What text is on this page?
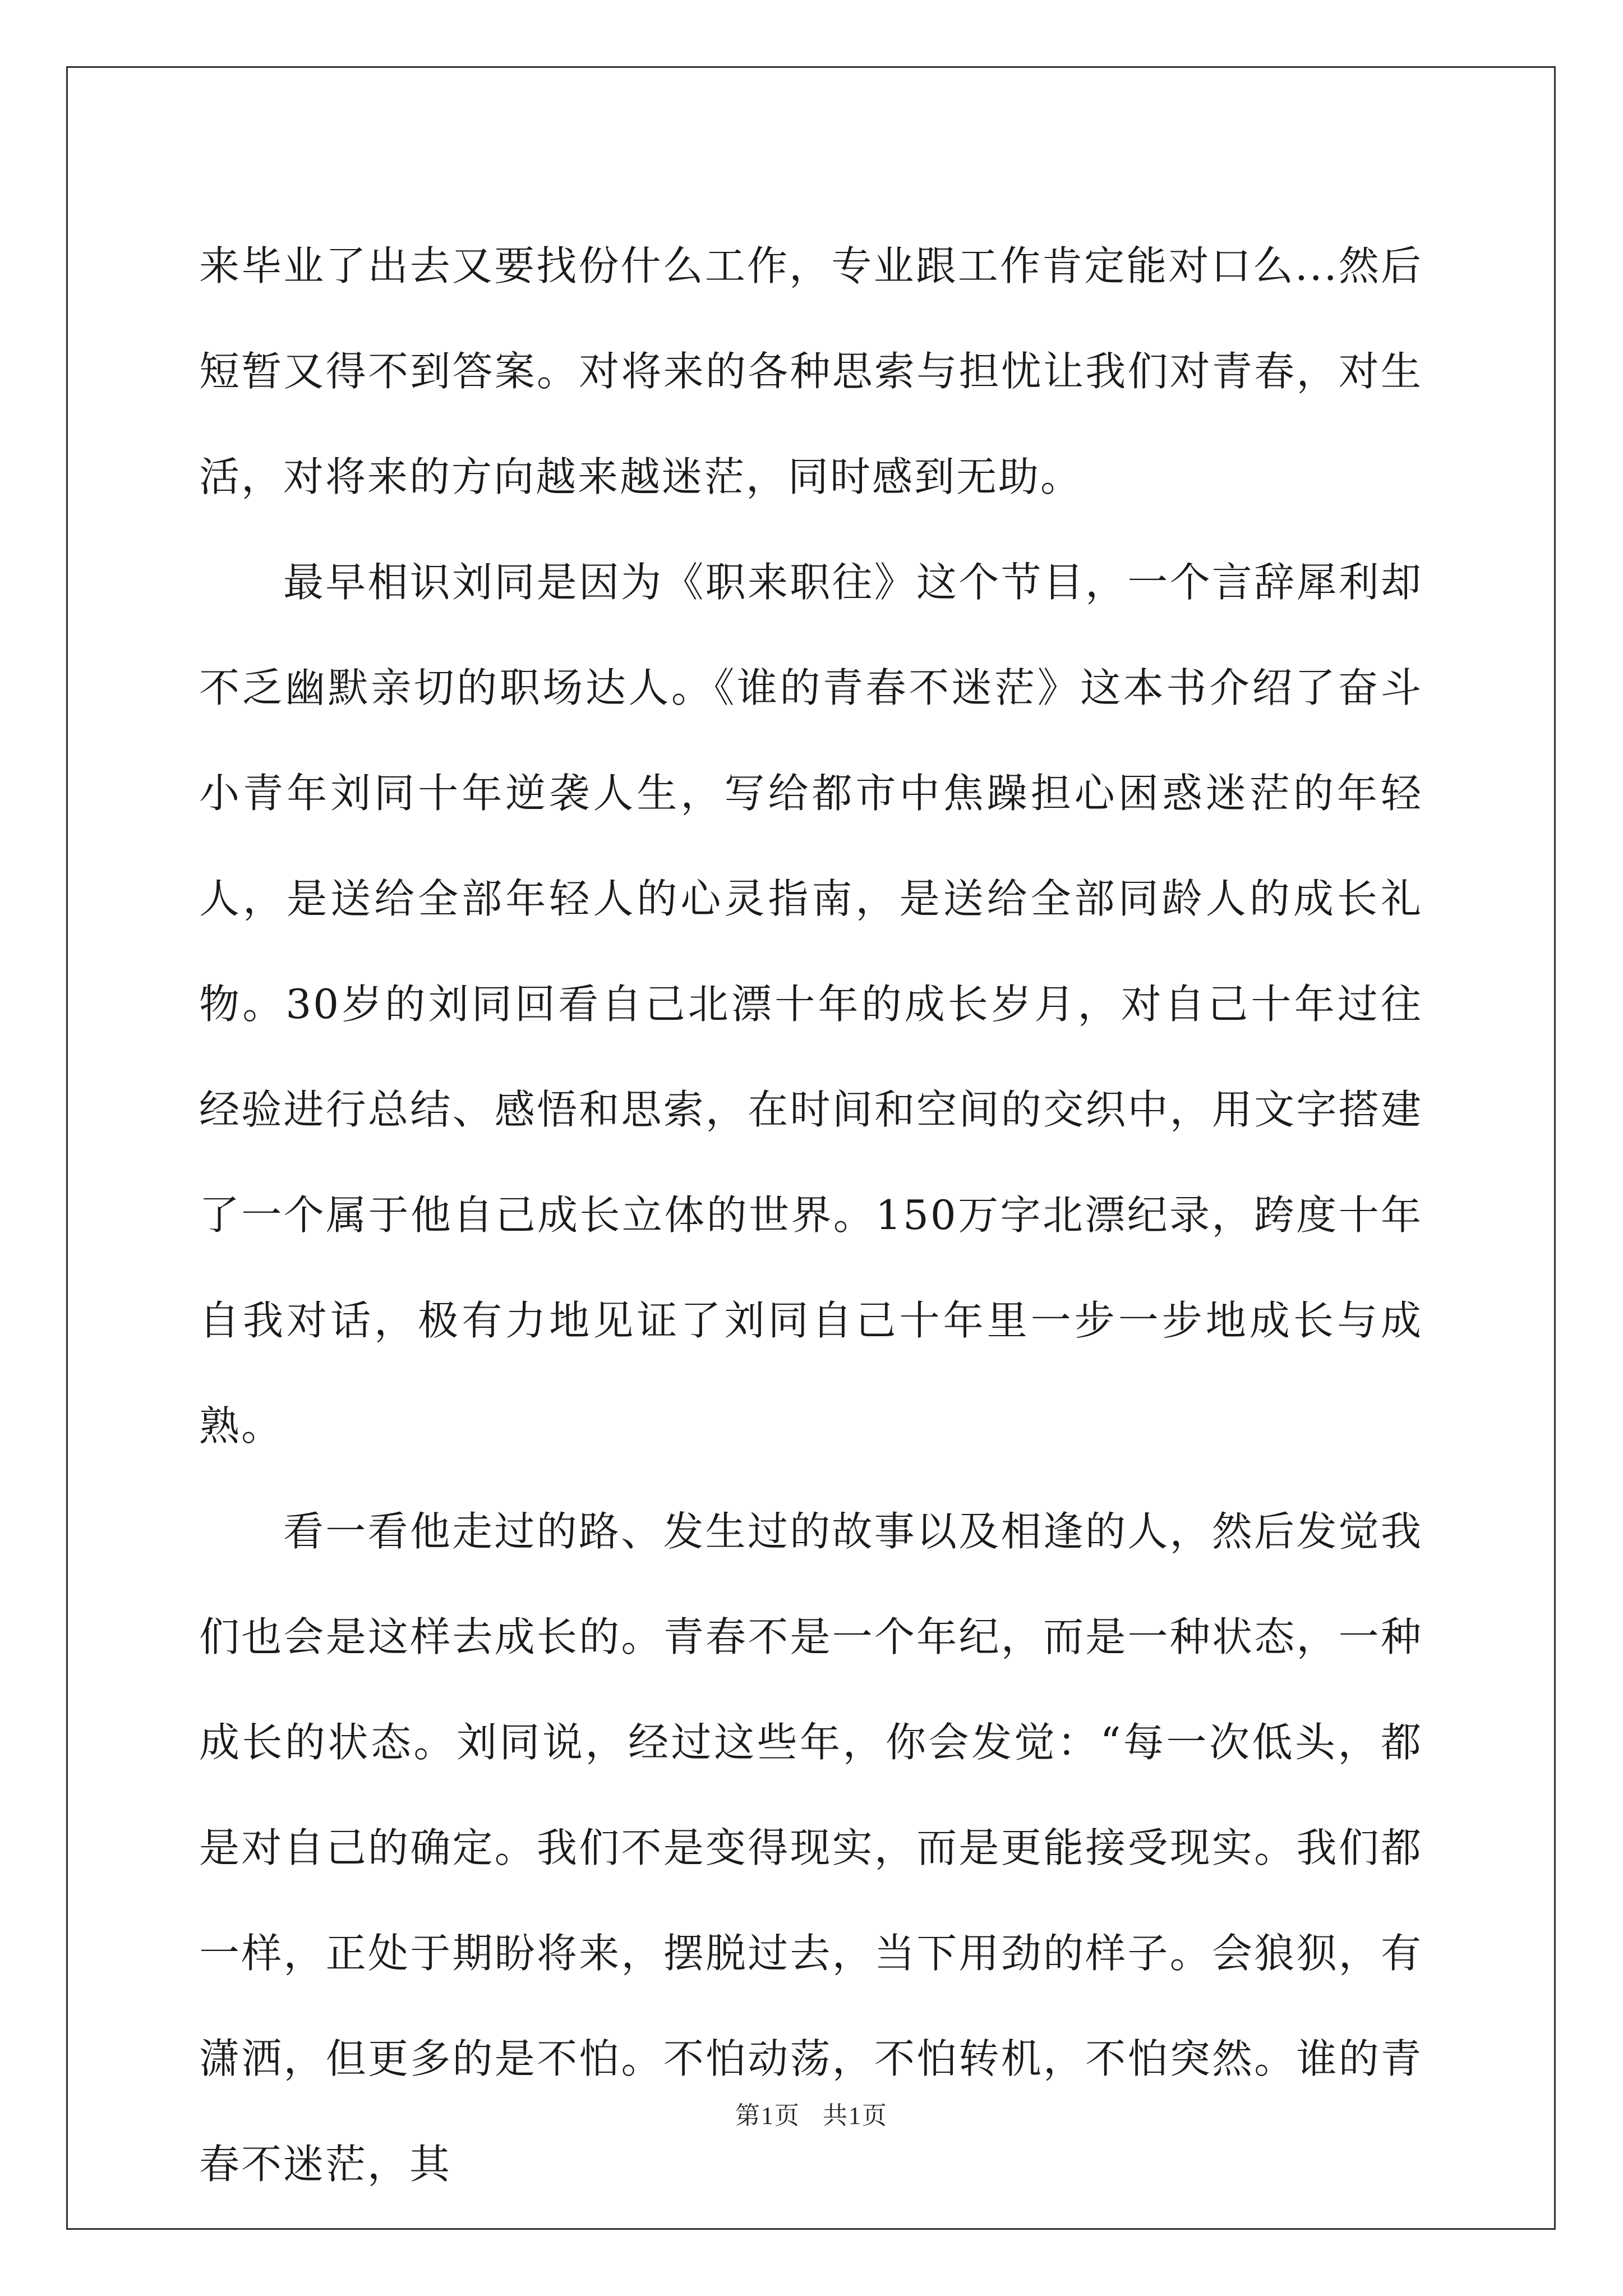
来毕业了出去又要找份什么工作，专业跟工作肯定能对口么...然后短暂又得不到答案。对将来的各种思索与担忧让我们对青春，对生活，对将来的方向越来越迷茫，同时感到无助。

最早相识刘同是因为《职来职往》这个节目，一个言辞犀利却不乏幽默亲切的职场达人。《谁的青春不迷茫》这本书介绍了奋斗小青年刘同十年逆袭人生，写给都市中焦躁担心困惑迷茫的年轻人，是送给全部年轻人的心灵指南，是送给全部同龄人的成长礼物。30岁的刘同回看自己北漂十年的成长岁月，对自己十年过往经验进行总结、感悟和思索，在时间和空间的交织中，用文字搭建了一个属于他自己成长立体的世界。150万字北漂纪录，跨度十年自我对话，极有力地见证了刘同自己十年里一步一步地成长与成熟。

看一看他走过的路、发生过的故事以及相逢的人，然后发觉我们也会是这样去成长的。青春不是一个年纪，而是一种状态，一种成长的状态。刘同说，经过这些年，你会发觉：“每一次低头，都是对自己的确定。我们不是变得现实，而是更能接受现实。我们都一样，正处于期盼将来，摆脱过去，当下用劲的样子。会狼狈，有潇洒，但更多的是不怕。不怕动荡，不怕转机，不怕突然。谁的青春不迷茫，其

第1页 共1页
